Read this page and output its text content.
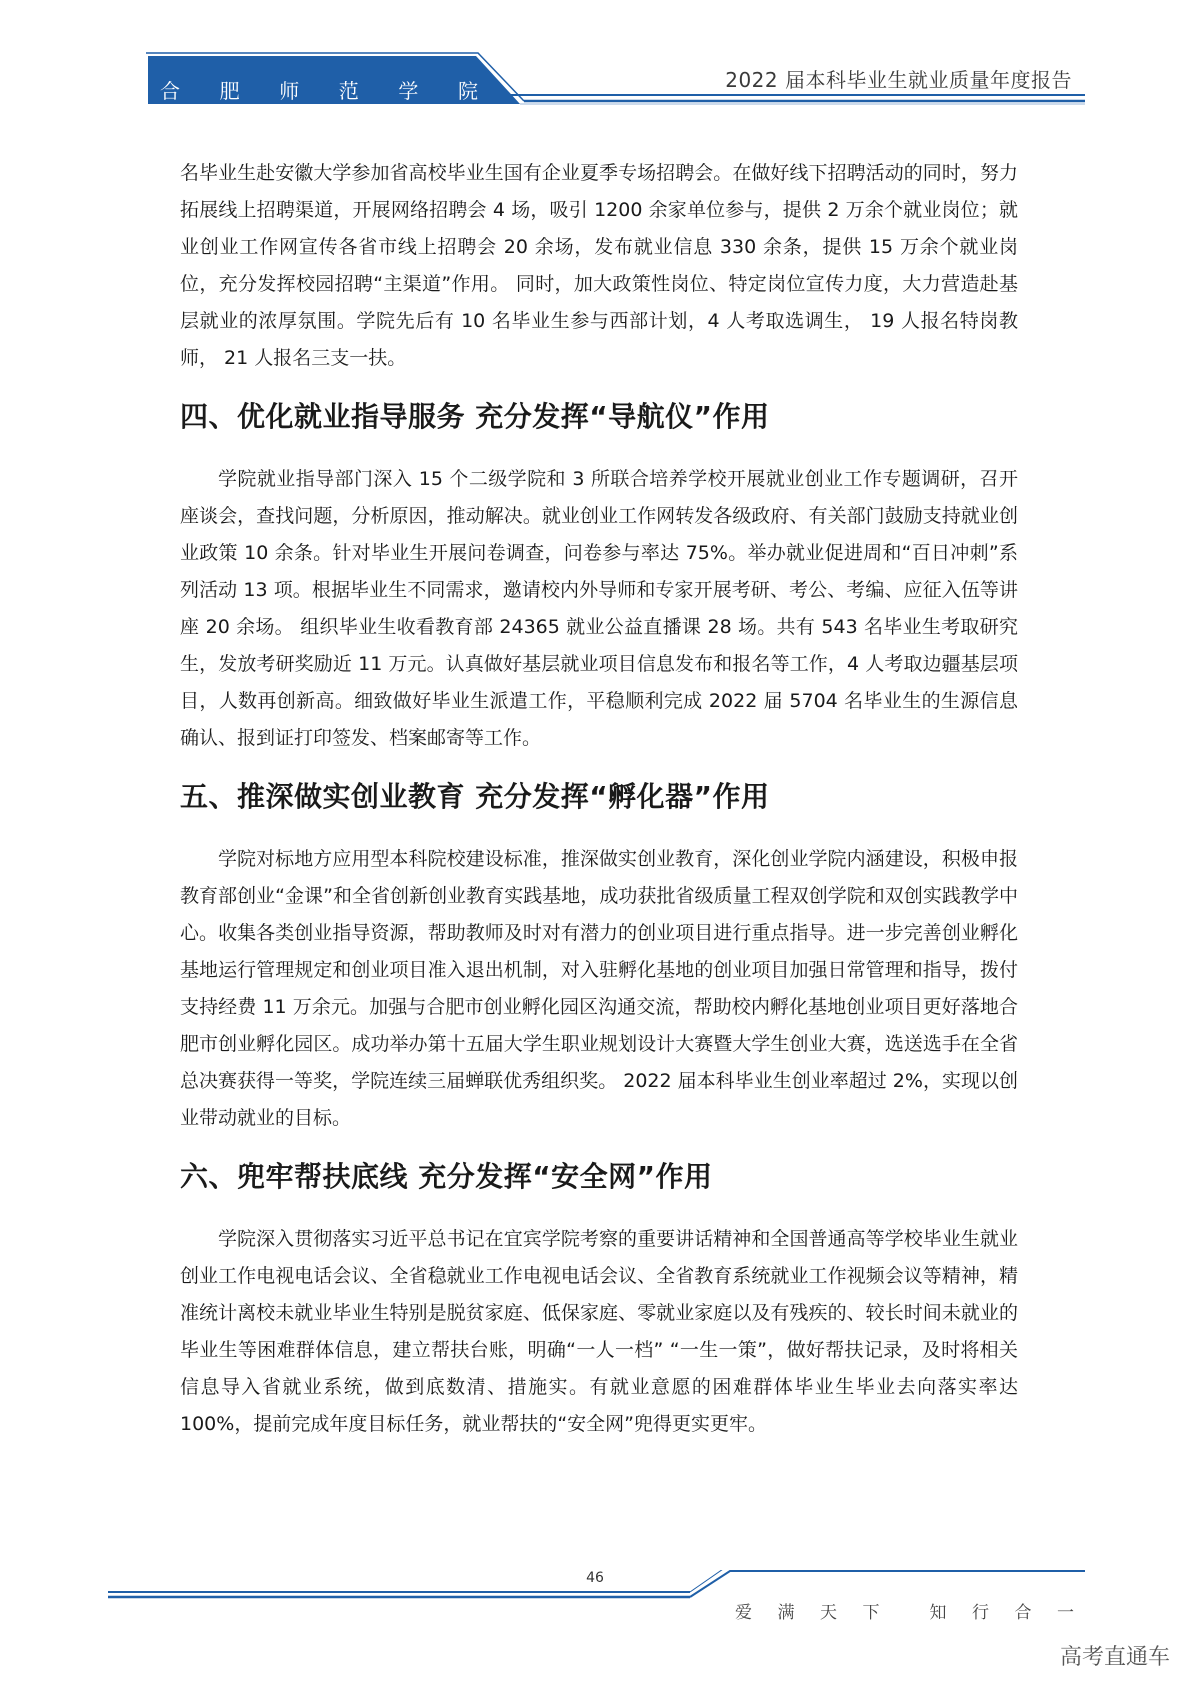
合 肥 师 范 学 院	2022 届本科毕业生就业质量年度报告

名毕业生赴安徽大学参加省高校毕业生国有企业夏季专场招聘会。在做好线下招聘活动的同时，努力拓展线上招聘渠道，开展网络招聘会 4 场，吸引 1200 余家单位参与，提供 2 万余个就业岗位；就业创业工作网宣传各省市线上招聘会 20 余场，发布就业信息 330 余条，提供 15 万余个就业岗位，充分发挥校园招聘“主渠道”作用。 同时，加大政策性岗位、特定岗位宣传力度，大力营造赴基层就业的浓厚氛围。学院先后有 10 名毕业生参与西部计划，4 人考取选调生， 19 人报名特岗教师， 21 人报名三支一扶。

四、优化就业指导服务 充分发挥“导航仪”作用

学院就业指导部门深入 15 个二级学院和 3 所联合培养学校开展就业创业工作专题调研，召开座谈会，查找问题，分析原因，推动解决。就业创业工作网转发各级政府、有关部门鼓励支持就业创业政策 10 余条。针对毕业生开展问卷调查，问卷参与率达 75%。举办就业促进周和“百日冲刺”系列活动 13 项。根据毕业生不同需求，邀请校内外导师和专家开展考研、考公、考编、应征入伍等讲座 20 余场。 组织毕业生收看教育部 24365 就业公益直播课 28 场。共有 543 名毕业生考取研究生，发放考研奖励近 11 万元。认真做好基层就业项目信息发布和报名等工作，4 人考取边疆基层项目，人数再创新高。细致做好毕业生派遣工作，平稳顺利完成 2022 届 5704 名毕业生的生源信息确认、报到证打印签发、档案邮寄等工作。

五、推深做实创业教育 充分发挥“孵化器”作用

学院对标地方应用型本科院校建设标准，推深做实创业教育，深化创业学院内涵建设，积极申报教育部创业“金课”和全省创新创业教育实践基地，成功获批省级质量工程双创学院和双创实践教学中心。收集各类创业指导资源，帮助教师及时对有潜力的创业项目进行重点指导。进一步完善创业孵化基地运行管理规定和创业项目准入退出机制，对入驻孵化基地的创业项目加强日常管理和指导，拨付支持经费 11 万余元。加强与合肥市创业孵化园区沟通交流，帮助校内孵化基地创业项目更好落地合肥市创业孵化园区。成功举办第十五届大学生职业规划设计大赛暨大学生创业大赛，选送选手在全省总决赛获得一等奖，学院连续三届蝉联优秀组织奖。 2022 届本科毕业生创业率超过 2%，实现以创业带动就业的目标。

六、兜牢帮扶底线 充分发挥“安全网”作用

学院深入贯彻落实习近平总书记在宜宾学院考察的重要讲话精神和全国普通高等学校毕业生就业创业工作电视电话会议、全省稳就业工作电视电话会议、全省教育系统就业工作视频会议等精神，精准统计离校未就业毕业生特别是脱贫家庭、低保家庭、零就业家庭以及有残疾的、较长时间未就业的毕业生等困难群体信息，建立帮扶台账，明确“一人一档” “一生一策”，做好帮扶记录，及时将相关信息导入省就业系统，做到底数清、措施实。有就业意愿的困难群体毕业生毕业去向落实率达 100%，提前完成年度目标任务，就业帮扶的“安全网”兜得更实更牢。

46
爱 满 天 下	知 行 合 一
高考直通车
